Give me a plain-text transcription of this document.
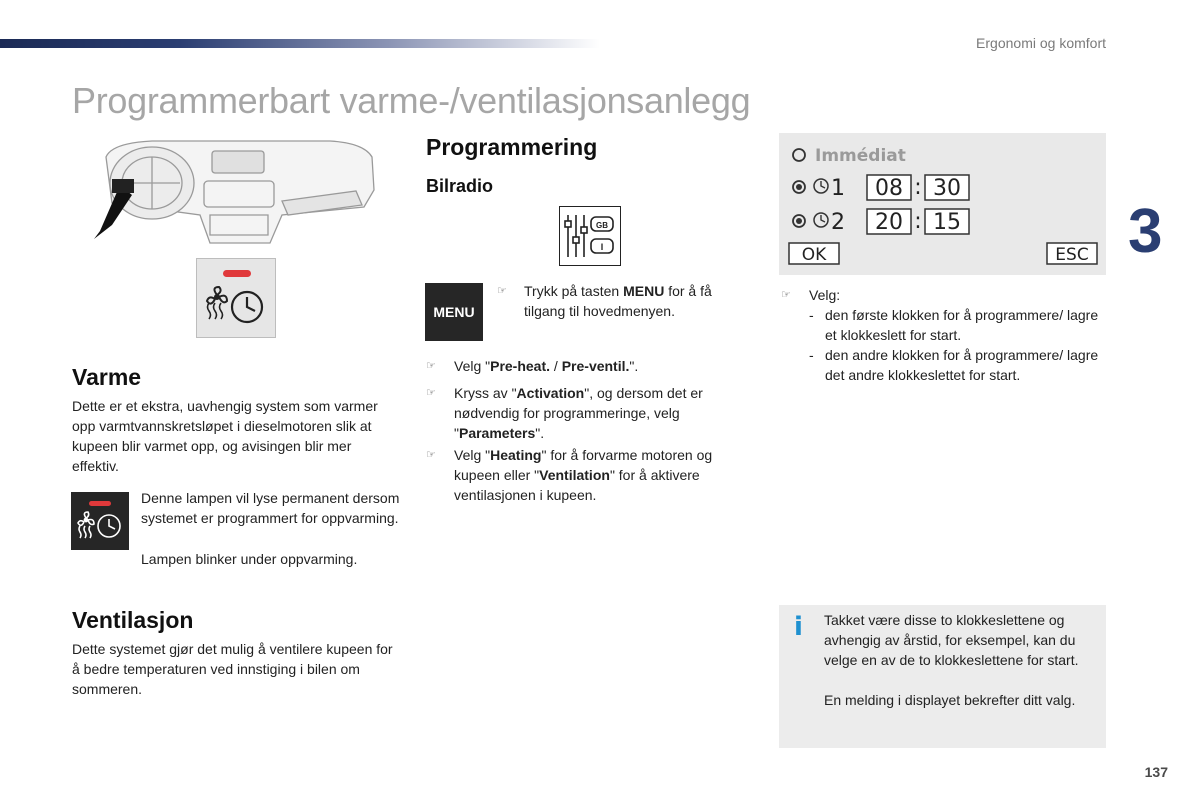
Ergonomi og komfort
Programmerbart varme-/ventilasjonsanlegg
3
137
Varme

Dette er et ekstra, uavhengig system som varmer opp varmtvannskretsløpet i dieselmotoren slik at kupeen blir varmet opp, og avisingen blir mer effektiv.

Denne lampen vil lyse permanent dersom systemet er programmert for oppvarming.

Lampen blinker under oppvarming.

Ventilasjon

Dette systemet gjør det mulig å ventilere kupeen for å bedre temperaturen ved innstiging i bilen om sommeren.

Programmering
Bilradio
GB
I
MENU
☞	Trykk på tasten MENU for å få tilgang til hovedmenyen.
☞	Velg "Pre-heat. / Pre-ventil.".
☞	Kryss av "Activation", og dersom det er nødvendig for programmeringe, velg "Parameters".
☞	Velg "Heating" for å forvarme motoren og kupeen eller "Ventilation" for å aktivere ventilasjonen i kupeen.
Immédiat
1 08 : 30
2 20 : 15
OK	ESC
☞ Velg:
- den første klokken for å programmere/ lagre et klokkeslett for start.
- den andre klokken for å programmere/ lagre det andre klokkeslettet for start.
i Takket være disse to klokkeslettene og avhengig av årstid, for eksempel, kan du velge en av de to klokkeslettene for start.

En melding i displayet bekrefter ditt valg.
